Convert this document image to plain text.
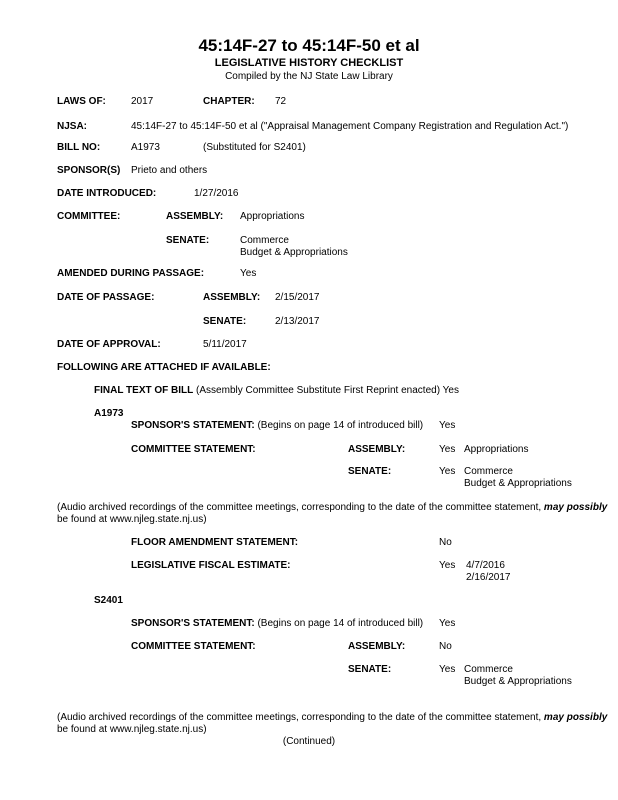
45:14F-27 to 45:14F-50 et al
LEGISLATIVE HISTORY CHECKLIST
Compiled by the NJ State Law Library
LAWS OF:	2017	CHAPTER: 72
NJSA:	45:14F-27 to 45:14F-50 et al ("Appraisal Management Company Registration and Regulation Act.")
BILL NO:	A1973	(Substituted for S2401)
SPONSOR(S) Prieto and others
DATE INTRODUCED:	1/27/2016
COMMITTEE:	ASSEMBLY: Appropriations
SENATE:	Commerce
Budget & Appropriations
AMENDED DURING PASSAGE:	Yes
DATE OF PASSAGE:	ASSEMBLY: 2/15/2017
SENATE:	2/13/2017
DATE OF APPROVAL:	5/11/2017
FOLLOWING ARE ATTACHED IF AVAILABLE:
FINAL TEXT OF BILL (Assembly Committee Substitute First Reprint enacted) Yes
A1973
SPONSOR'S STATEMENT: (Begins on page 14 of introduced bill) Yes
COMMITTEE STATEMENT:	ASSEMBLY:	Yes Appropriations
SENATE:	Yes Commerce
Budget & Appropriations
(Audio archived recordings of the committee meetings, corresponding to the date of the committee statement, may possibly
be found at www.njleg.state.nj.us)
FLOOR AMENDMENT STATEMENT:	No
LEGISLATIVE FISCAL ESTIMATE:	Yes 4/7/2016
2/16/2017
S2401
SPONSOR'S STATEMENT: (Begins on page 14 of introduced bill) Yes
COMMITTEE STATEMENT:	ASSEMBLY:	No
SENATE:	Yes Commerce
Budget & Appropriations
(Audio archived recordings of the committee meetings, corresponding to the date of the committee statement, may possibly
be found at www.njleg.state.nj.us)
(Continued)
